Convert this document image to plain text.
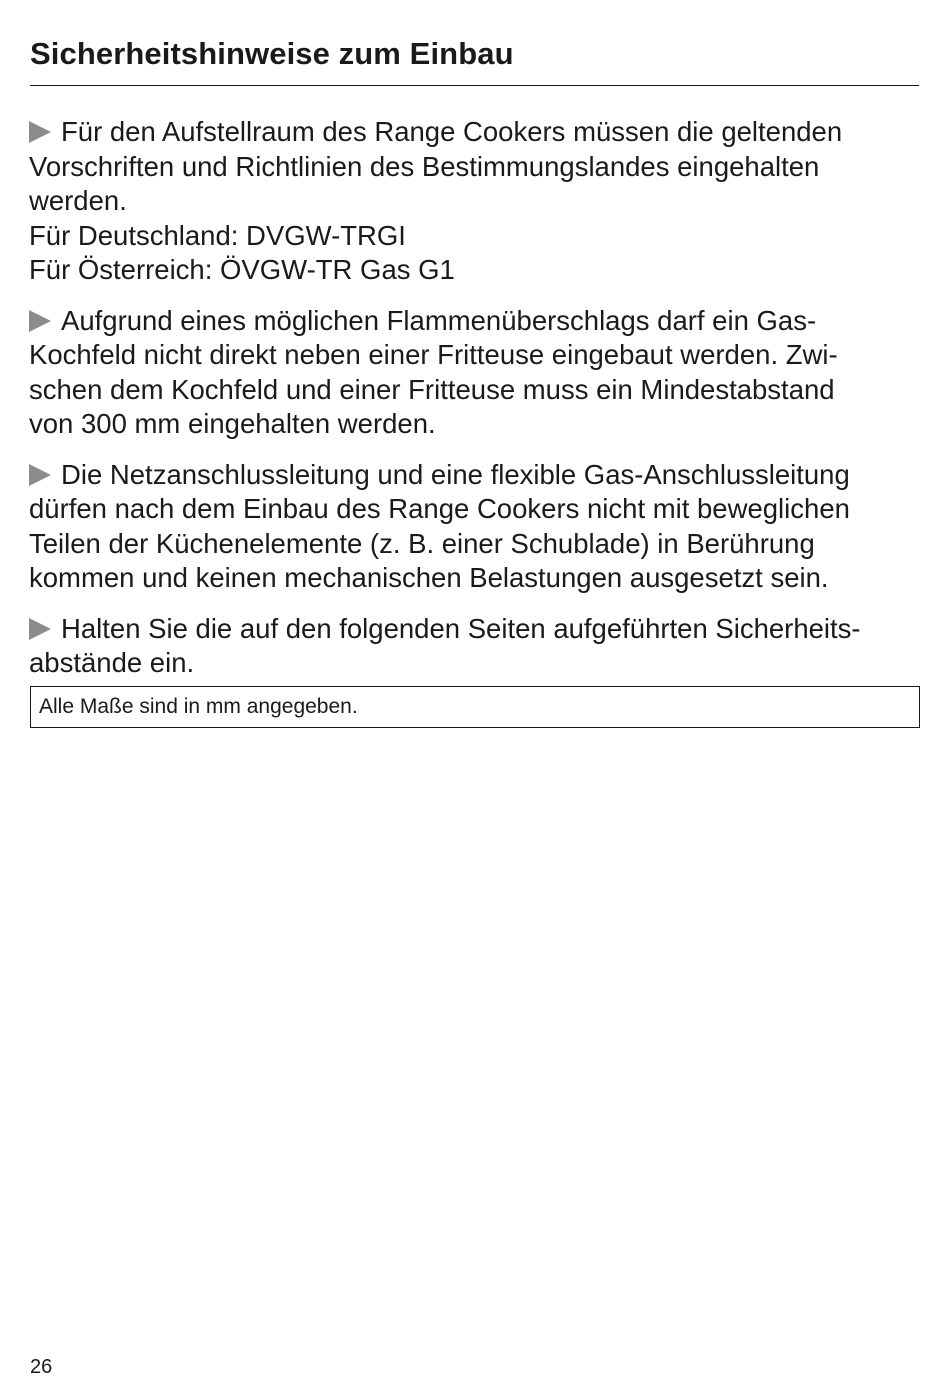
Sicherheitshinweise zum Einbau

Für den Aufstellraum des Range Cookers müssen die geltenden
Vorschriften und Richtlinien des Bestimmungslandes eingehalten
werden.
Für Deutschland: DVGW-TRGI
Für Österreich: ÖVGW-TR Gas G1

Aufgrund eines möglichen Flammenüberschlags darf ein Gas-
Kochfeld nicht direkt neben einer Fritteuse eingebaut werden. Zwi-
schen dem Kochfeld und einer Fritteuse muss ein Mindestabstand
von 300 mm eingehalten werden.

Die Netzanschlussleitung und eine flexible Gas-Anschlussleitung
dürfen nach dem Einbau des Range Cookers nicht mit beweglichen
Teilen der Küchenelemente (z. B. einer Schublade) in Berührung
kommen und keinen mechanischen Belastungen ausgesetzt sein.

Halten Sie die auf den folgenden Seiten aufgeführten Sicherheits-
abstände ein.

Alle Maße sind in mm angegeben.
26
